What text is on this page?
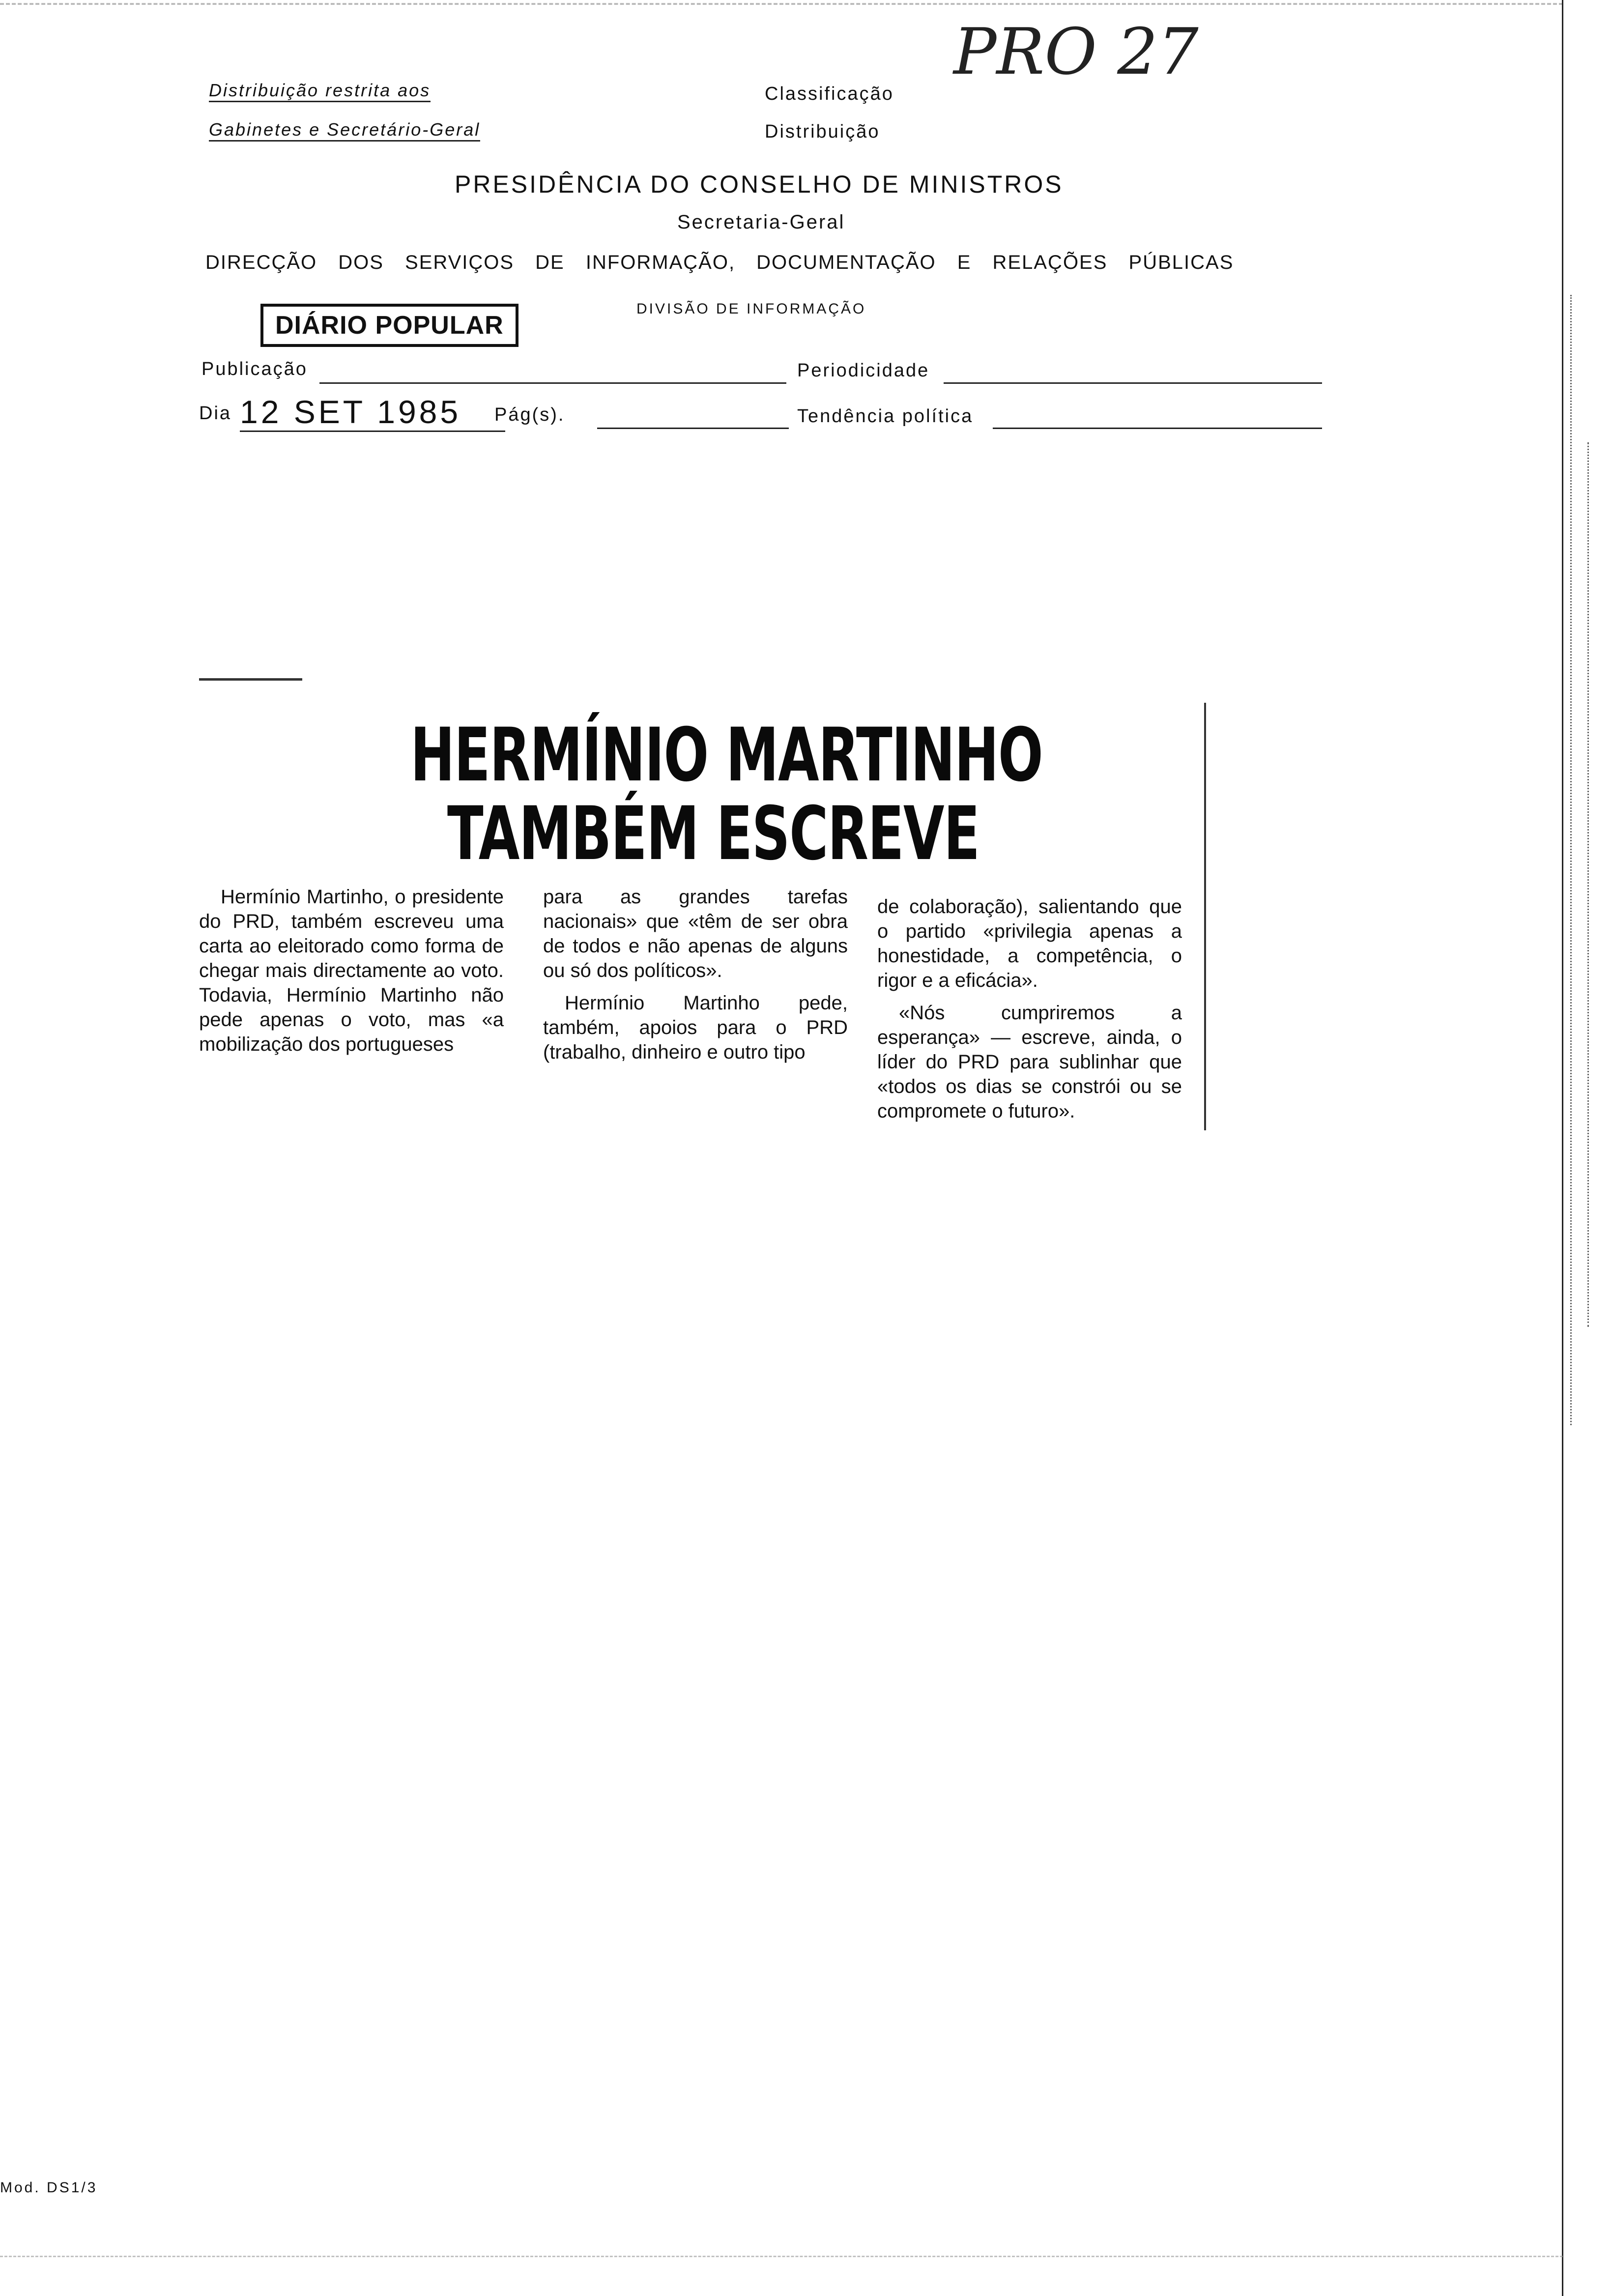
Distribuição restrita aos
Gabinetes e Secretário-Geral
Classificação
Distribuição
PRO 27
PRESIDÊNCIA DO CONSELHO DE MINISTROS
Secretaria-Geral
DIRECÇÃO DOS SERVIÇOS DE INFORMAÇÃO, DOCUMENTAÇÃO E RELAÇÕES PÚBLICAS
DIVISÃO DE INFORMAÇÃO
DIÁRIO POPULAR
Publicação	Periodicidade
Dia 12 SET 1985	Pág(s).	Tendência política
HERMÍNIO MARTINHO
TAMBÉM ESCREVE

Hermínio Martinho, o presidente do PRD, também escreveu uma carta ao eleitorado como forma de chegar mais directamente ao voto. Todavia, Hermínio Martinho não pede apenas o voto, mas «a mobilização dos portugueses

para as grandes tarefas nacionais» que «têm de ser obra de todos e não apenas de alguns ou só dos políticos».

Hermínio Martinho pede, também, apoios para o PRD (trabalho, dinheiro e outro tipo

de colaboração), salientando que o partido «privilegia apenas a honestidade, a competência, o rigor e a eficácia».

«Nós cumpriremos a esperança» — escreve, ainda, o líder do PRD para sublinhar que «todos os dias se constrói ou se compromete o futuro».

Mod. DS1/3
